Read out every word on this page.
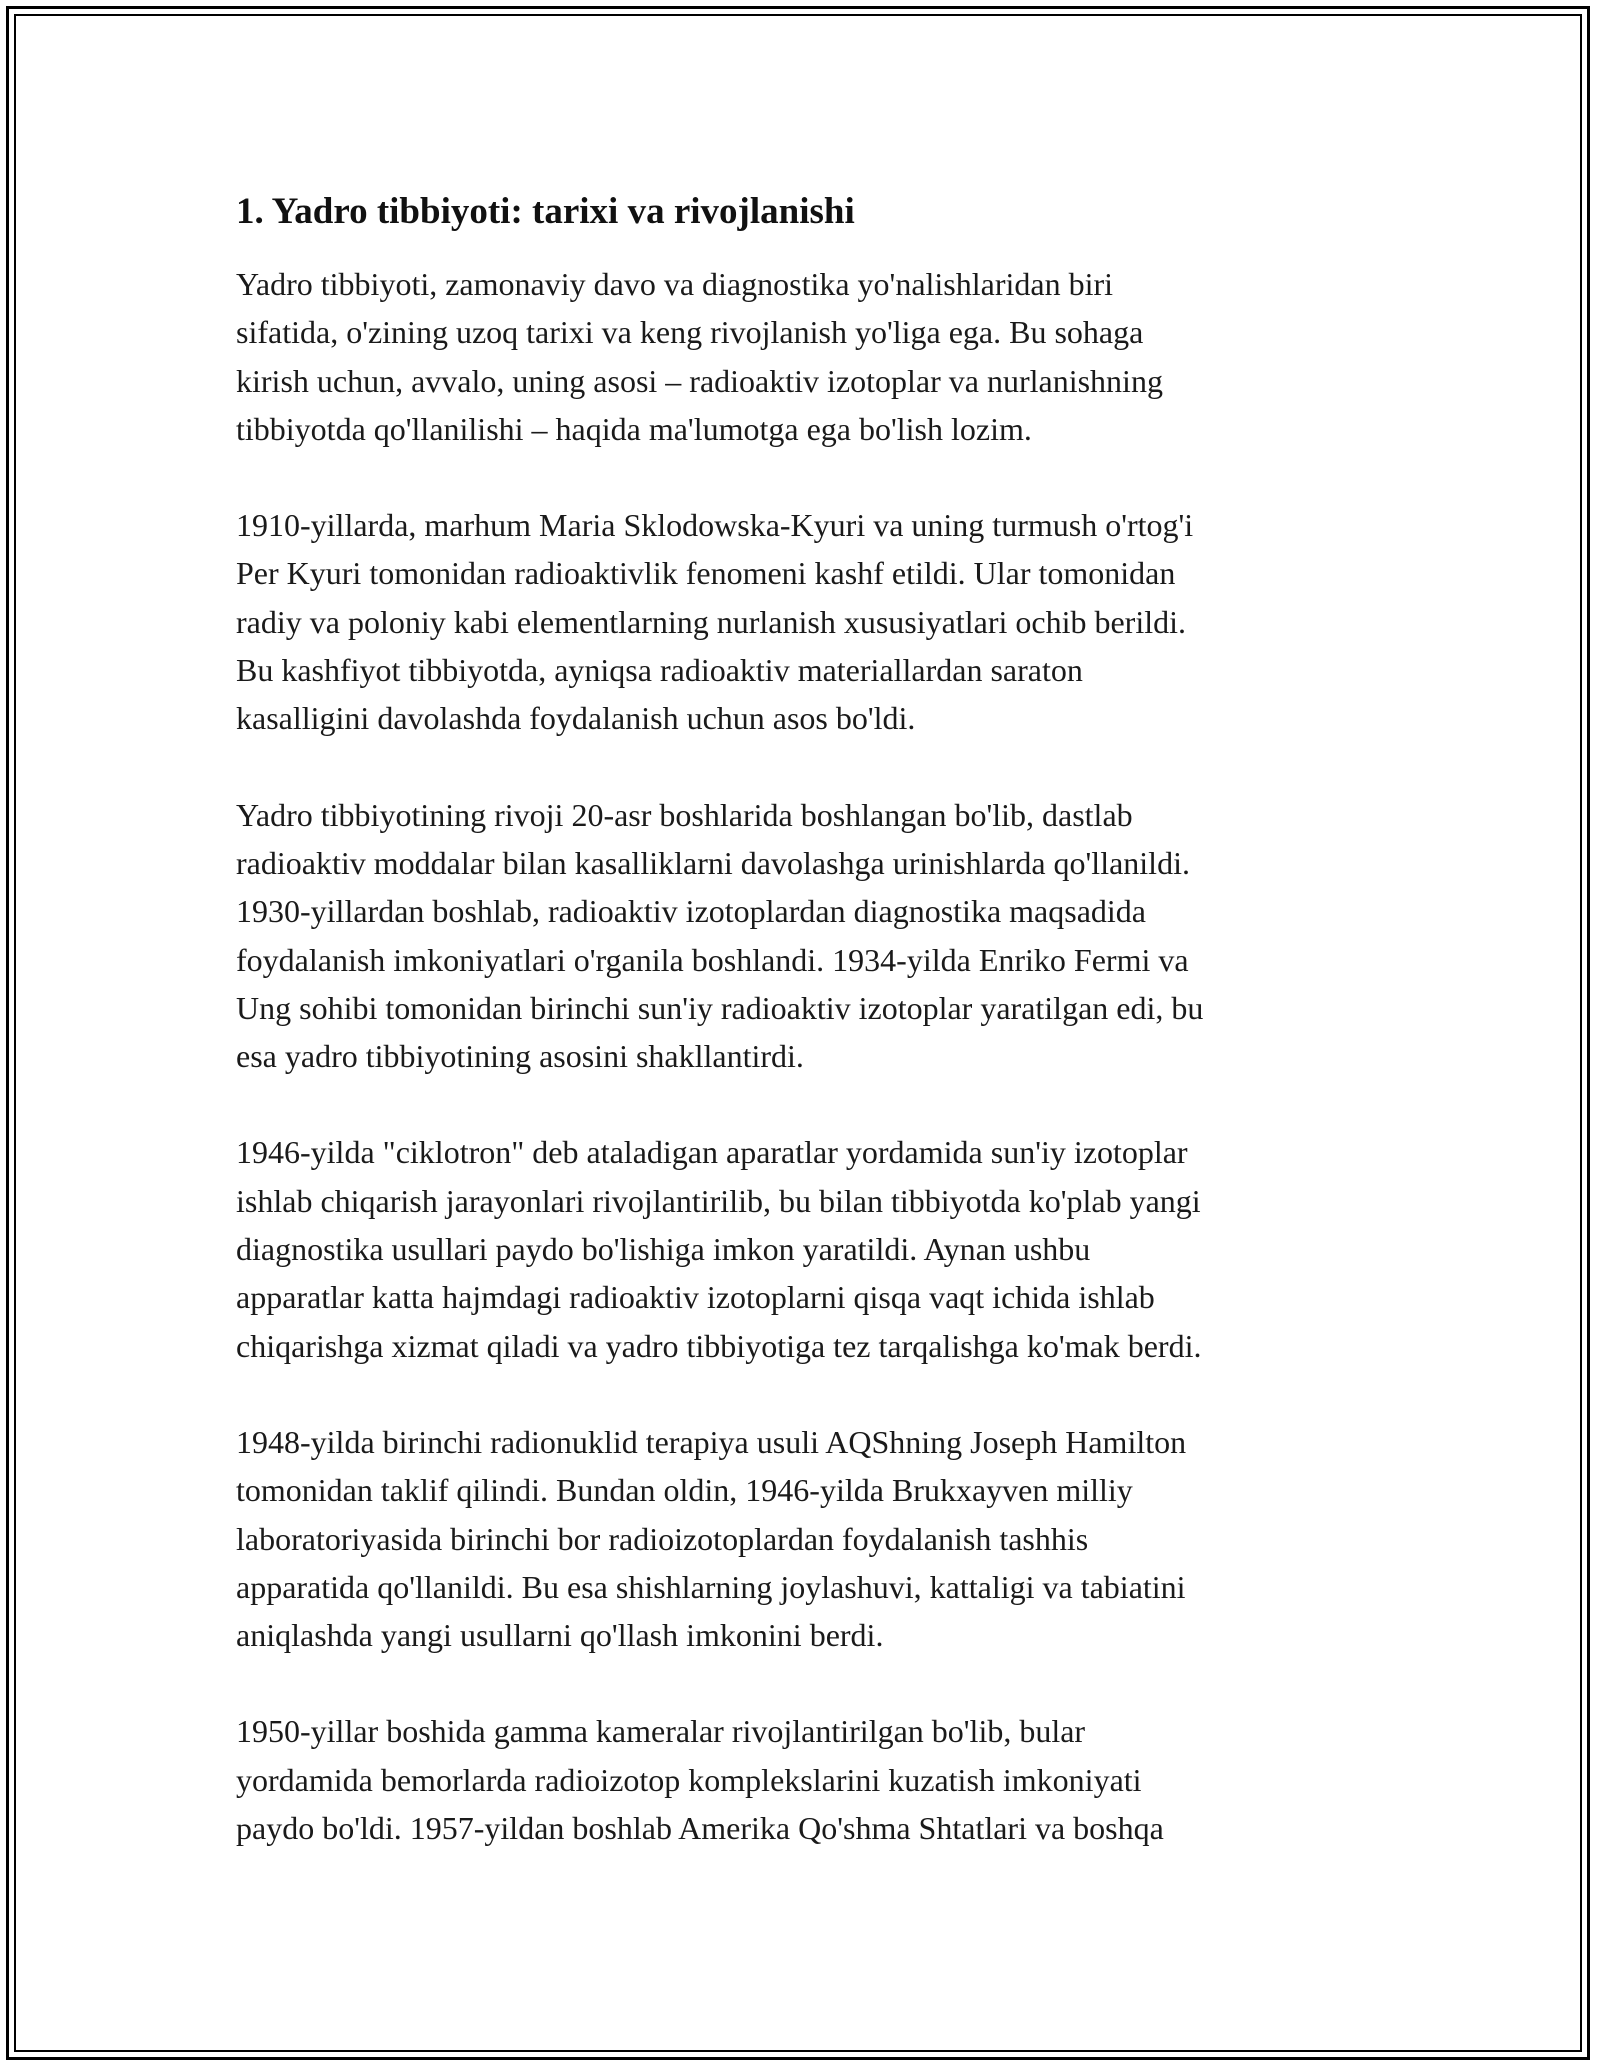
1. Yadro tibbiyoti: tarixi va rivojlanishi

Yadro tibbiyoti, zamonaviy davo va diagnostika yo'nalishlaridan biri
sifatida, o'zining uzoq tarixi va keng rivojlanish yo'liga ega. Bu sohaga
kirish uchun, avvalo, uning asosi – radioaktiv izotoplar va nurlanishning
tibbiyotda qo'llanilishi – haqida ma'lumotga ega bo'lish lozim.

1910-yillarda, marhum Maria Sklodowska-Kyuri va uning turmush o'rtog'i
Per Kyuri tomonidan radioaktivlik fenomeni kashf etildi. Ular tomonidan
radiy va poloniy kabi elementlarning nurlanish xususiyatlari ochib berildi.
Bu kashfiyot tibbiyotda, ayniqsa radioaktiv materiallardan saraton
kasalligini davolashda foydalanish uchun asos bo'ldi.

Yadro tibbiyotining rivoji 20-asr boshlarida boshlangan bo'lib, dastlab
radioaktiv moddalar bilan kasalliklarni davolashga urinishlarda qo'llanildi.
1930-yillardan boshlab, radioaktiv izotoplardan diagnostika maqsadida
foydalanish imkoniyatlari o'rganila boshlandi. 1934-yilda Enriko Fermi va
Ung sohibi tomonidan birinchi sun'iy radioaktiv izotoplar yaratilgan edi, bu
esa yadro tibbiyotining asosini shakllantirdi.

1946-yilda "ciklotron" deb ataladigan aparatlar yordamida sun'iy izotoplar
ishlab chiqarish jarayonlari rivojlantirilib, bu bilan tibbiyotda ko'plab yangi
diagnostika usullari paydo bo'lishiga imkon yaratildi. Aynan ushbu
apparatlar katta hajmdagi radioaktiv izotoplarni qisqa vaqt ichida ishlab
chiqarishga xizmat qiladi va yadro tibbiyotiga tez tarqalishga ko'mak berdi.

1948-yilda birinchi radionuklid terapiya usuli AQShning Joseph Hamilton
tomonidan taklif qilindi. Bundan oldin, 1946-yilda Brukxayven milliy
laboratoriyasida birinchi bor radioizotoplardan foydalanish tashhis
apparatida qo'llanildi. Bu esa shishlarning joylashuvi, kattaligi va tabiatini
aniqlashda yangi usullarni qo'llash imkonini berdi.

1950-yillar boshida gamma kameralar rivojlantirilgan bo'lib, bular
yordamida bemorlarda radioizotop komplekslarini kuzatish imkoniyati
paydo bo'ldi. 1957-yildan boshlab Amerika Qo'shma Shtatlari va boshqa
